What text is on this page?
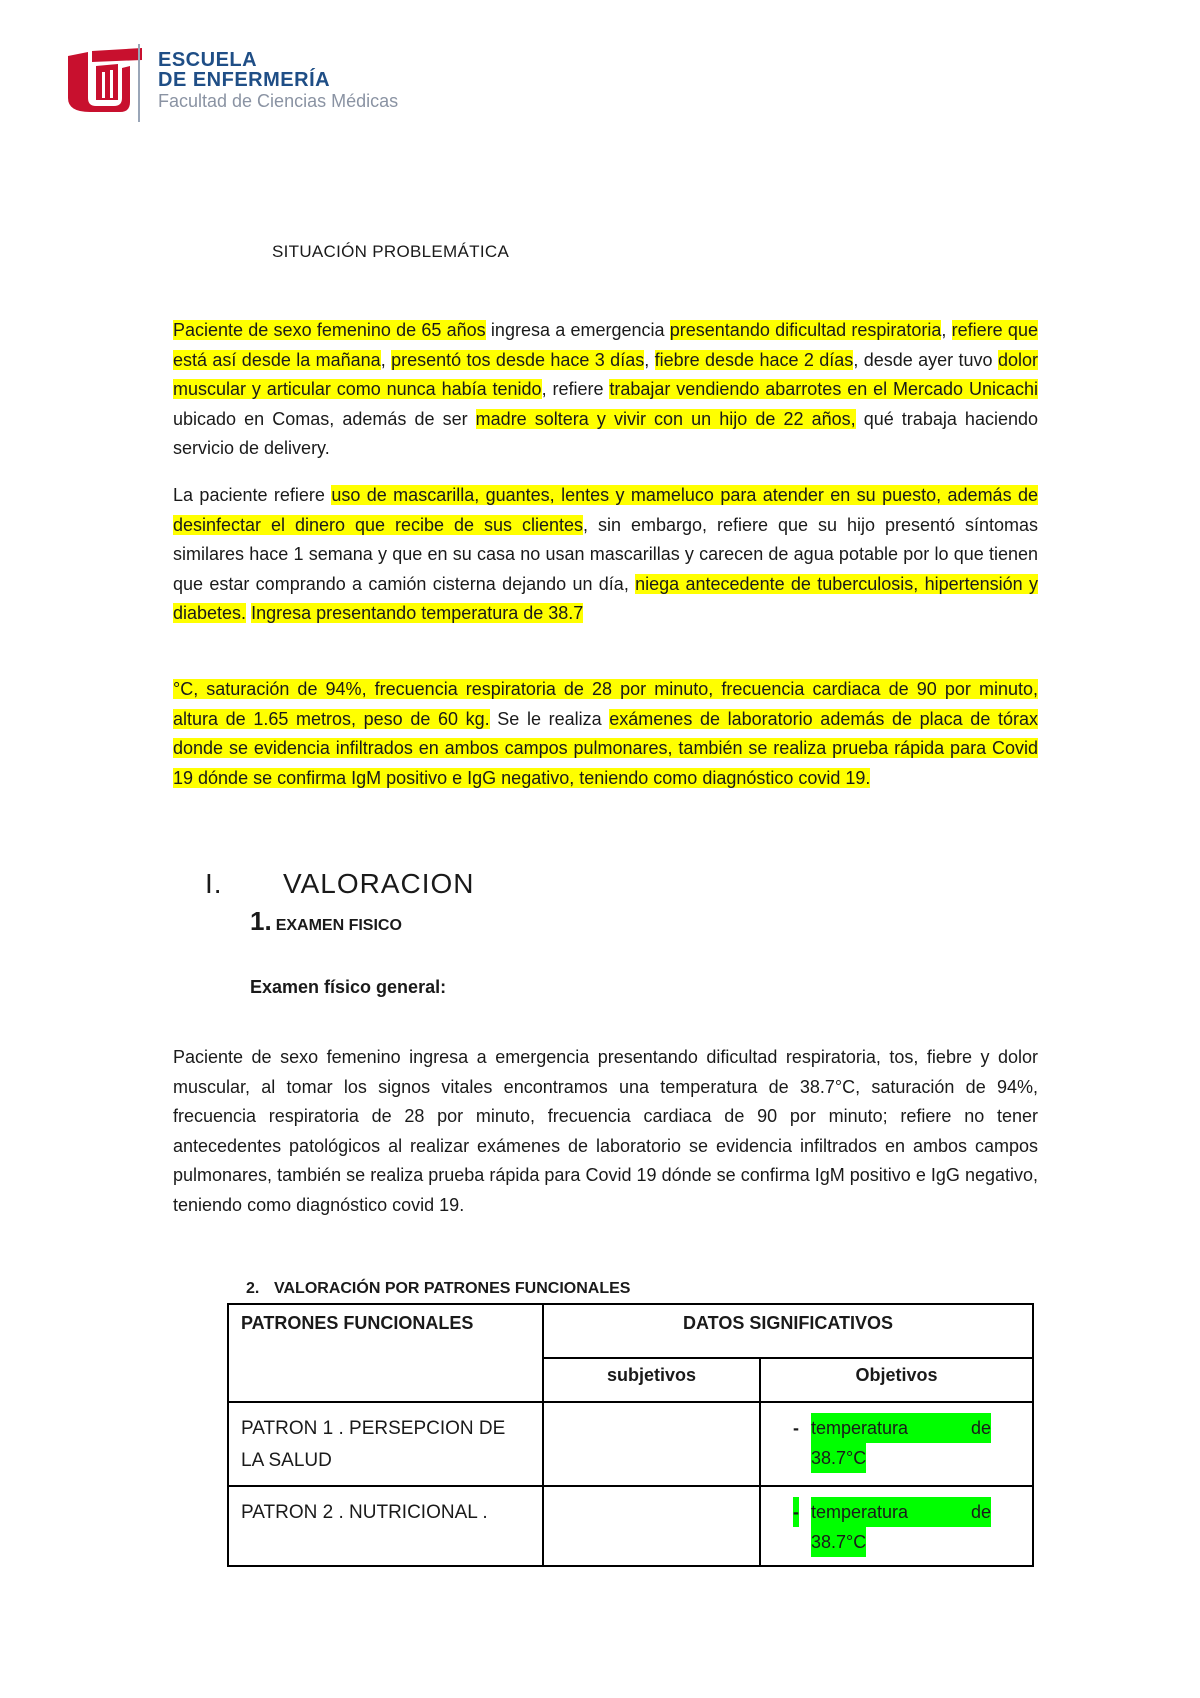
ESCUELA
DE ENFERMERÍA
Facultad de Ciencias Médicas
SITUACIÓN PROBLEMÁTICA

Paciente de sexo femenino de 65 años ingresa a emergencia presentando dificultad respiratoria, refiere que está así desde la mañana, presentó tos desde hace 3 días, fiebre desde hace 2 días, desde ayer tuvo dolor muscular y articular como nunca había tenido, refiere trabajar vendiendo abarrotes en el Mercado Unicachi ubicado en Comas, además de ser madre soltera y vivir con un hijo de 22 años, qué trabaja haciendo servicio de delivery.

La paciente refiere uso de mascarilla, guantes, lentes y mameluco para atender en su puesto, además de desinfectar el dinero que recibe de sus clientes, sin embargo, refiere que su hijo presentó síntomas similares hace 1 semana y que en su casa no usan mascarillas y carecen de agua potable por lo que tienen que estar comprando a camión cisterna dejando un día, niega antecedente de tuberculosis, hipertensión y diabetes. Ingresa presentando temperatura de 38.7

°C, saturación de 94%, frecuencia respiratoria de 28 por minuto, frecuencia cardiaca de 90 por minuto, altura de 1.65 metros, peso de 60 kg. Se le realiza exámenes de laboratorio además de placa de tórax donde se evidencia infiltrados en ambos campos pulmonares, también se realiza prueba rápida para Covid 19 dónde se confirma IgM positivo e IgG negativo, teniendo como diagnóstico covid 19.

I. VALORACION
1. EXAMEN FISICO
Examen físico general:

Paciente de sexo femenino ingresa a emergencia presentando dificultad respiratoria, tos, fiebre y dolor muscular, al tomar los signos vitales encontramos una temperatura de 38.7°C, saturación de 94%, frecuencia respiratoria de 28 por minuto, frecuencia cardiaca de 90 por minuto; refiere no tener antecedentes patológicos al realizar exámenes de laboratorio se evidencia infiltrados en ambos campos pulmonares, también se realiza prueba rápida para Covid 19 dónde se confirma IgM positivo e IgG negativo, teniendo como diagnóstico covid 19.

2. VALORACIÓN POR PATRONES FUNCIONALES
PATRONES FUNCIONALES	DATOS SIGNIFICATIVOS	
	subjetivos	Objetivos
PATRON 1 . PERSEPCION DE LA SALUD		- temperatura de
38.7°C
PATRON 2 . NUTRICIONAL .		- temperatura de
38.7°C
